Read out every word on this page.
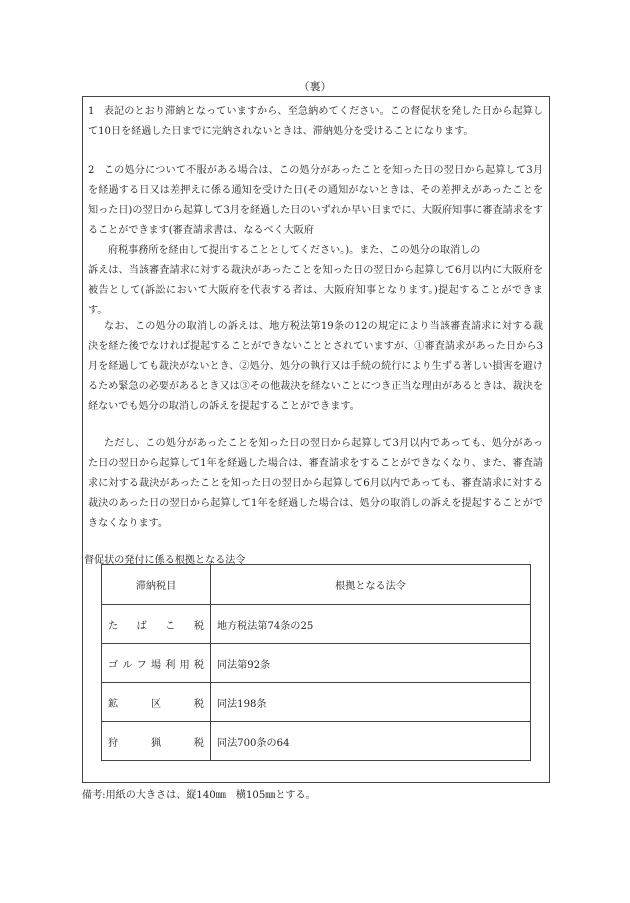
（裏）
1 表記のとおり滞納となっていますから、至急納めてください。この督促状を発した日から起算して10日を経過した日までに完納されないときは、滞納処分を受けることになります。
2 この処分について不服がある場合は、この処分があったことを知った日の翌日から起算して3月を経過する日又は差押えに係る通知を受けた日(その通知がないときは、その差押えがあったことを知った日)の翌日から起算して3月を経過した日のいずれか早い日までに、大阪府知事に審査請求をすることができます(審査請求書は、なるべく大阪府
府税事務所を経由して提出することとしてください。)。また、この処分の取消しの
訴えは、当該審査請求に対する裁決があったことを知った日の翌日から起算して6月以内に大阪府を被告として(訴訟において大阪府を代表する者は、大阪府知事となります。)提起することができます。
なお、この処分の取消しの訴えは、地方税法第19条の12の規定により当該審査請求に対する裁決を経た後でなければ提起することができないこととされていますが、①審査請求があった日から3月を経過しても裁決がないとき、②処分、処分の執行又は手続の続行により生ずる著しい損害を避けるため緊急の必要があるとき又は③その他裁決を経ないことにつき正当な理由があるときは、裁決を経ないでも処分の取消しの訴えを提起することができます。
ただし、この処分があったことを知った日の翌日から起算して3月以内であっても、処分があった日の翌日から起算して1年を経過した場合は、審査請求をすることができなくなり、また、審査請求に対する裁決があったことを知った日の翌日から起算して6月以内であっても、審査請求に対する裁決のあった日の翌日から起算して1年を経過した場合は、処分の取消しの訴えを提起することができなくなります。
督促状の発付に係る根拠となる法令
滞納税目	根拠となる法令
たばこ税	地方税法第74条の25
ゴルフ場利用税	同法第92条
鉱区税	同法198条
狩猟税	同法700条の64
備考:用紙の大きさは、縦140㎜　横105㎜とする。
